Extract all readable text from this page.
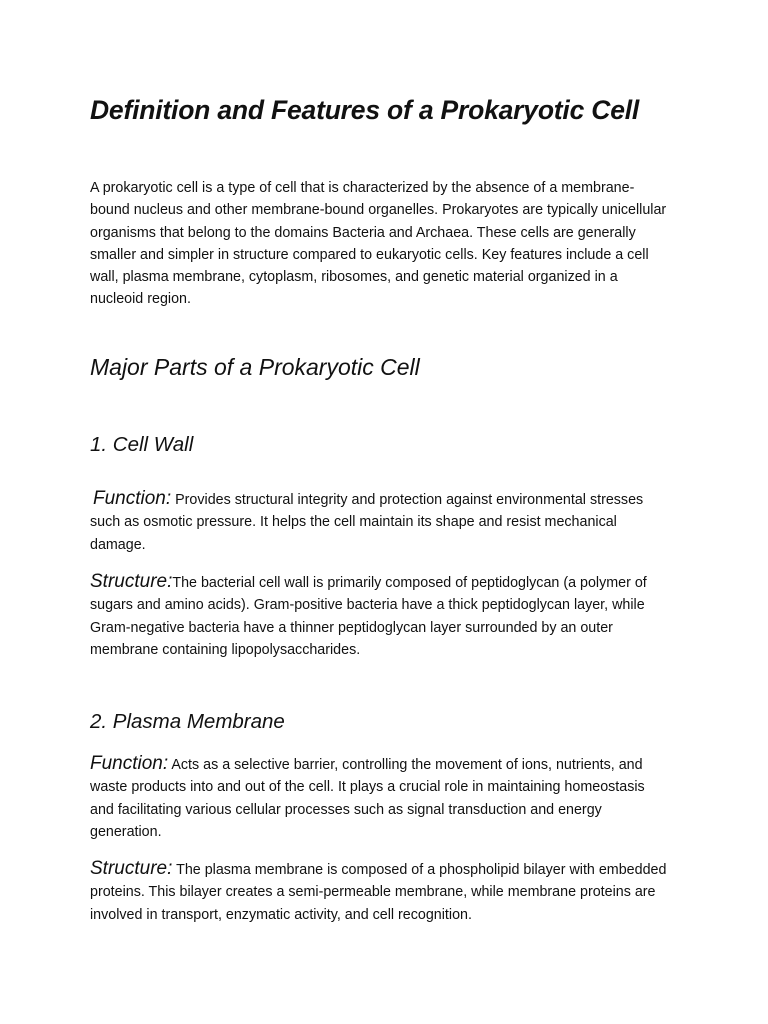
Definition and Features of a Prokaryotic Cell

A prokaryotic cell is a type of cell that is characterized by the absence of a membrane-bound nucleus and other membrane-bound organelles. Prokaryotes are typically unicellular organisms that belong to the domains Bacteria and Archaea. These cells are generally smaller and simpler in structure compared to eukaryotic cells. Key features include a cell wall, plasma membrane, cytoplasm, ribosomes, and genetic material organized in a nucleoid region.

Major Parts of a Prokaryotic Cell
1. Cell Wall

Function: Provides structural integrity and protection against environmental stresses such as osmotic pressure. It helps the cell maintain its shape and resist mechanical damage.

Structure:The bacterial cell wall is primarily composed of peptidoglycan (a polymer of sugars and amino acids). Gram-positive bacteria have a thick peptidoglycan layer, while Gram-negative bacteria have a thinner peptidoglycan layer surrounded by an outer membrane containing lipopolysaccharides.

2. Plasma Membrane

Function: Acts as a selective barrier, controlling the movement of ions, nutrients, and waste products into and out of the cell. It plays a crucial role in maintaining homeostasis and facilitating various cellular processes such as signal transduction and energy generation.

Structure: The plasma membrane is composed of a phospholipid bilayer with embedded proteins. This bilayer creates a semi-permeable membrane, while membrane proteins are involved in transport, enzymatic activity, and cell recognition.
